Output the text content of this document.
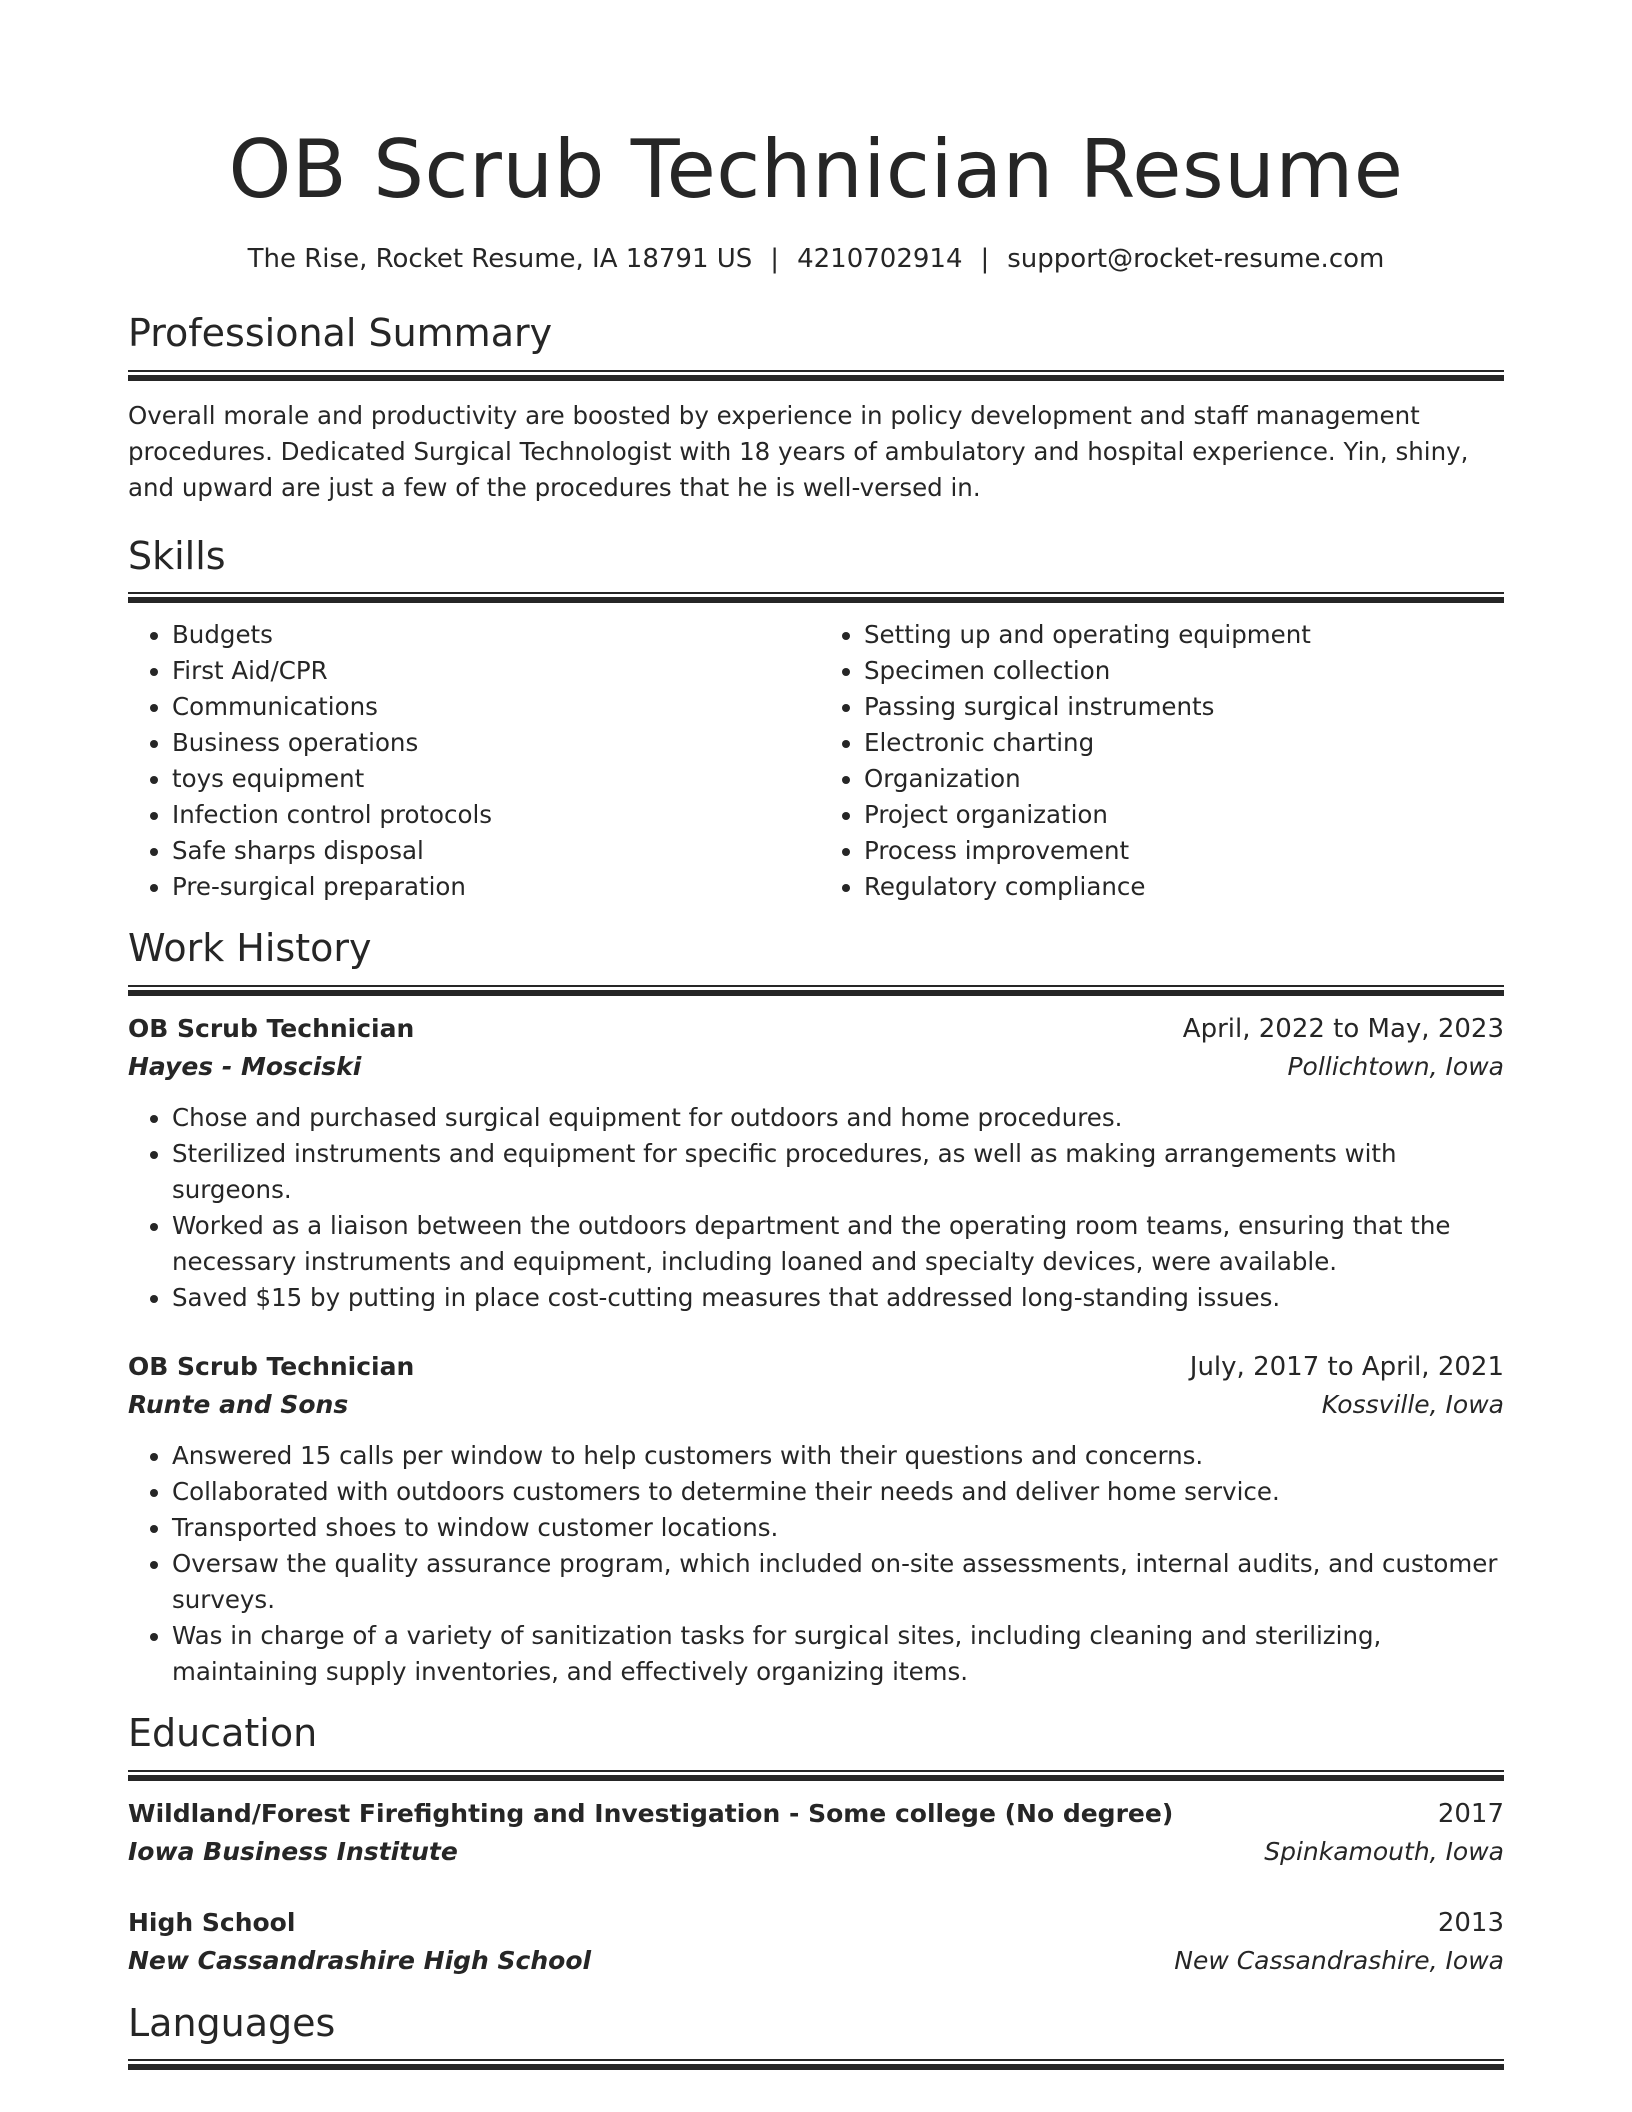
OB Scrub Technician Resume
The Rise, Rocket Resume, IA 18791 US | 4210702914 | support@rocket-resume.com
Professional Summary

Overall morale and productivity are boosted by experience in policy development and staff management procedures. Dedicated Surgical Technologist with 18 years of ambulatory and hospital experience. Yin, shiny, and upward are just a few of the procedures that he is well-versed in.

Skills
• Budgets
• First Aid/CPR
• Communications
• Business operations
• toys equipment
• Infection control protocols
• Safe sharps disposal
• Pre-surgical preparation
• Setting up and operating equipment
• Specimen collection
• Passing surgical instruments
• Electronic charting
• Organization
• Project organization
• Process improvement
• Regulatory compliance
Work History
OB Scrub Technician	April, 2022 to May, 2023
Hayes - Mosciski	Pollichtown, Iowa
• Chose and purchased surgical equipment for outdoors and home procedures.
• Sterilized instruments and equipment for specific procedures, as well as making arrangements with surgeons.
• Worked as a liaison between the outdoors department and the operating room teams, ensuring that the necessary instruments and equipment, including loaned and specialty devices, were available.
• Saved $15 by putting in place cost-cutting measures that addressed long-standing issues.
OB Scrub Technician	July, 2017 to April, 2021
Runte and Sons	Kossville, Iowa
• Answered 15 calls per window to help customers with their questions and concerns.
• Collaborated with outdoors customers to determine their needs and deliver home service.
• Transported shoes to window customer locations.
• Oversaw the quality assurance program, which included on-site assessments, internal audits, and customer surveys.
• Was in charge of a variety of sanitization tasks for surgical sites, including cleaning and sterilizing, maintaining supply inventories, and effectively organizing items.
Education
Wildland/Forest Firefighting and Investigation - Some college (No degree)	2017
Iowa Business Institute	Spinkamouth, Iowa
High School	2013
New Cassandrashire High School	New Cassandrashire, Iowa
Languages
